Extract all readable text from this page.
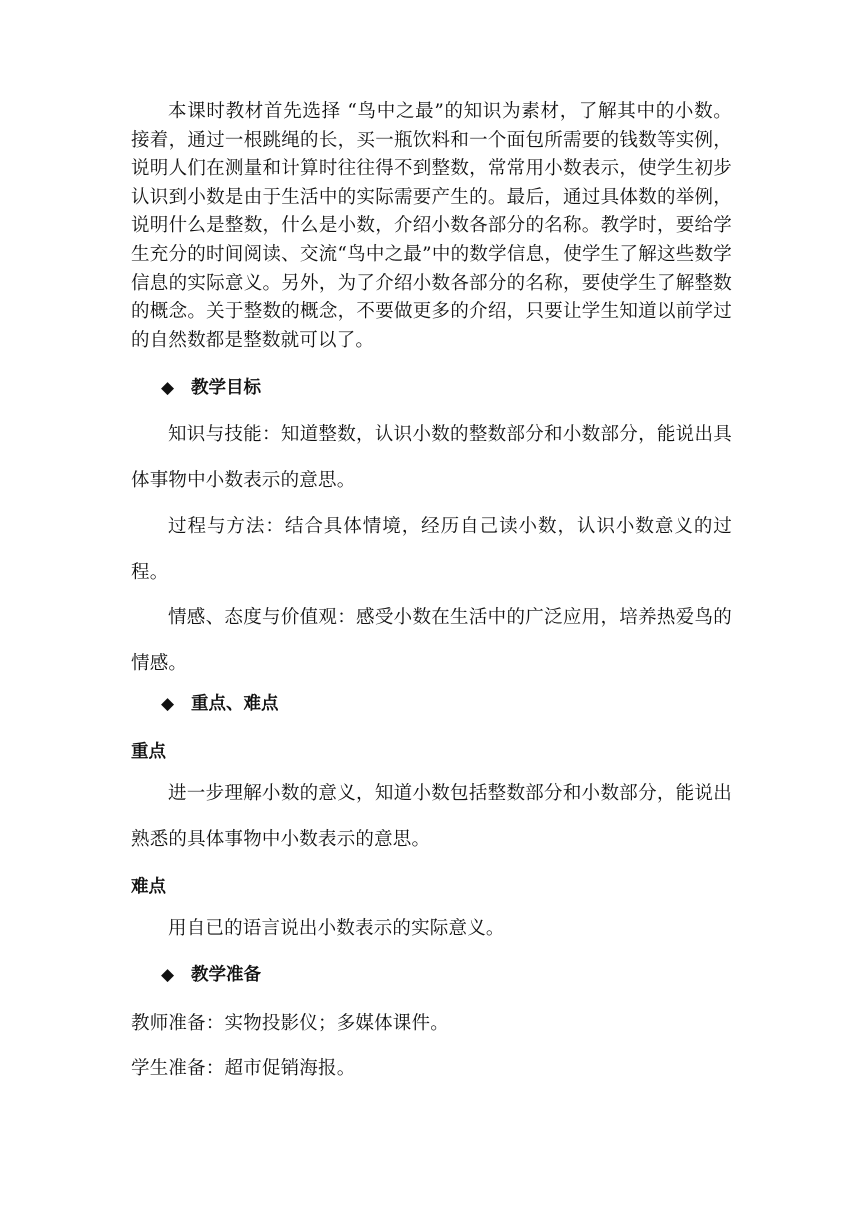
本课时教材首先选择 “鸟中之最”的知识为素材，了解其中的小数。接着，通过一根跳绳的长，买一瓶饮料和一个面包所需要的钱数等实例，说明人们在测量和计算时往往得不到整数，常常用小数表示，使学生初步认识到小数是由于生活中的实际需要产生的。最后，通过具体数的举例，说明什么是整数，什么是小数，介绍小数各部分的名称。教学时，要给学生充分的时间阅读、交流“鸟中之最”中的数学信息，使学生了解这些数学信息的实际意义。另外，为了介绍小数各部分的名称，要使学生了解整数的概念。关于整数的概念，不要做更多的介绍，只要让学生知道以前学过的自然数都是整数就可以了。

◆ 教学目标

知识与技能：知道整数，认识小数的整数部分和小数部分，能说出具体事物中小数表示的意思。

过程与方法：结合具体情境，经历自己读小数，认识小数意义的过程。

情感、态度与价值观：感受小数在生活中的广泛应用，培养热爱鸟的情感。

◆ 重点、难点
重点

进一步理解小数的意义，知道小数包括整数部分和小数部分，能说出熟悉的具体事物中小数表示的意思。

难点

用自已的语言说出小数表示的实际意义。

◆ 教学准备

教师准备：实物投影仪；多媒体课件。

学生准备：超市促销海报。
